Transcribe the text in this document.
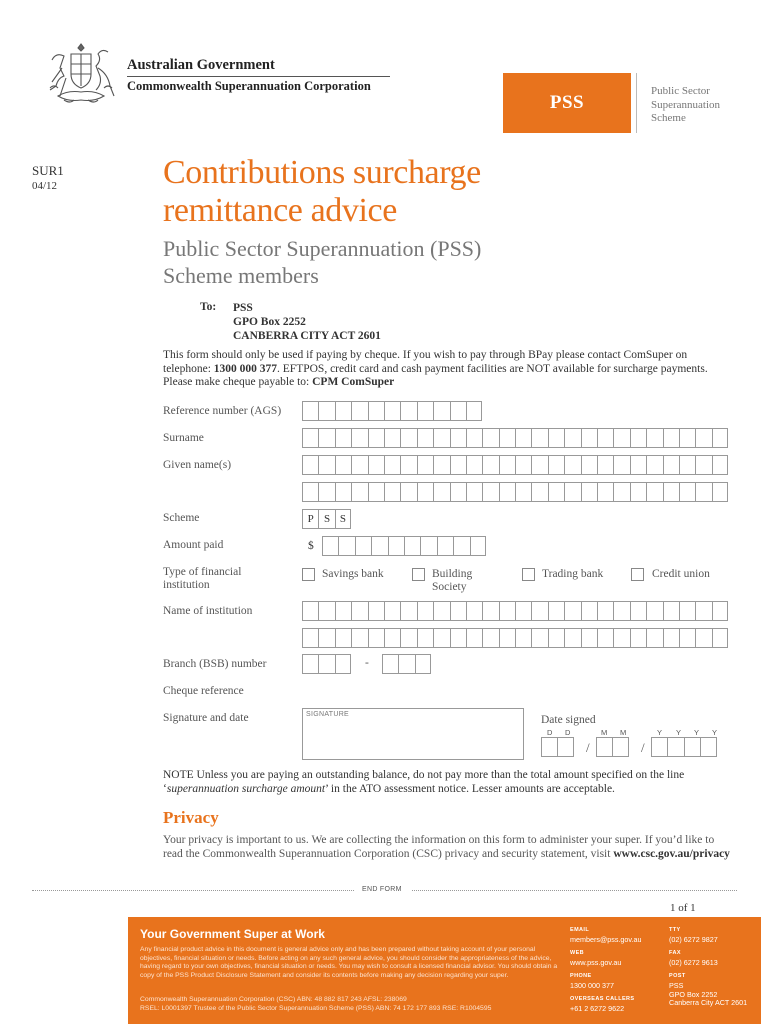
Australian Government
Commonwealth Superannuation Corporation
PSS
Public Sector
Superannuation
Scheme
SUR1
04/12	Contributions surcharge
remittance advice
Public Sector Superannuation (PSS)
Scheme members
To: PSS
GPO Box 2252
CANBERRA CITY ACT 2601
This form should only be used if paying by cheque. If you wish to pay through BPay please contact ComSuper on telephone: 1300 000 377. EFTPOS, credit card and cash payment facilities are NOT available for surcharge payments. Please make cheque payable to: CPM ComSuper
Reference number (AGS)
Surname
Given name(s)
Scheme	P S S
Amount paid	$
Type of financial
institution
Savings bank	Building
Society
Trading bank	Credit union
Name of institution
Branch (BSB) number	-
Cheque reference
Signature and date	SIGNATURE	Date signed
D D	M M	Y Y Y Y
/	/
NOTE Unless you are paying an outstanding balance, do not pay more than the total amount specified on the line ‘superannuation surcharge amount’ in the ATO assessment notice. Lesser amounts are acceptable.
Privacy
Your privacy is important to us. We are collecting the information on this form to administer your super. If you’d like to read the Commonwealth Superannuation Corporation (CSC) privacy and security statement, visit www.csc.gov.au/privacy
END FORM
1 of 1
Your Government Super at Work
Any financial product advice in this document is general advice only and has been prepared without taking account of your personal objectives, financial situation or needs. Before acting on any such general advice, you should consider the appropriateness of the advice, having regard to your own objectives, financial situation or needs. You may wish to consult a licensed financial advisor. You should obtain a copy of the PSS Product Disclosure Statement and consider its contents before making any decision regarding your super.
Commonwealth Superannuation Corporation (CSC) ABN: 48 882 817 243 AFSL: 238069
RSEL: L0001397 Trustee of the Public Sector Superannuation Scheme (PSS) ABN: 74 172 177 893 RSE: R1004595
EMAIL
members@pss.gov.au
WEB
www.pss.gov.au
PHONE
1300 000 377
OVERSEAS CALLERS
+61 2 6272 9622
TTY
(02) 6272 9827
FAX
(02) 6272 9613
POST
PSS
GPO Box 2252
Canberra City ACT 2601
